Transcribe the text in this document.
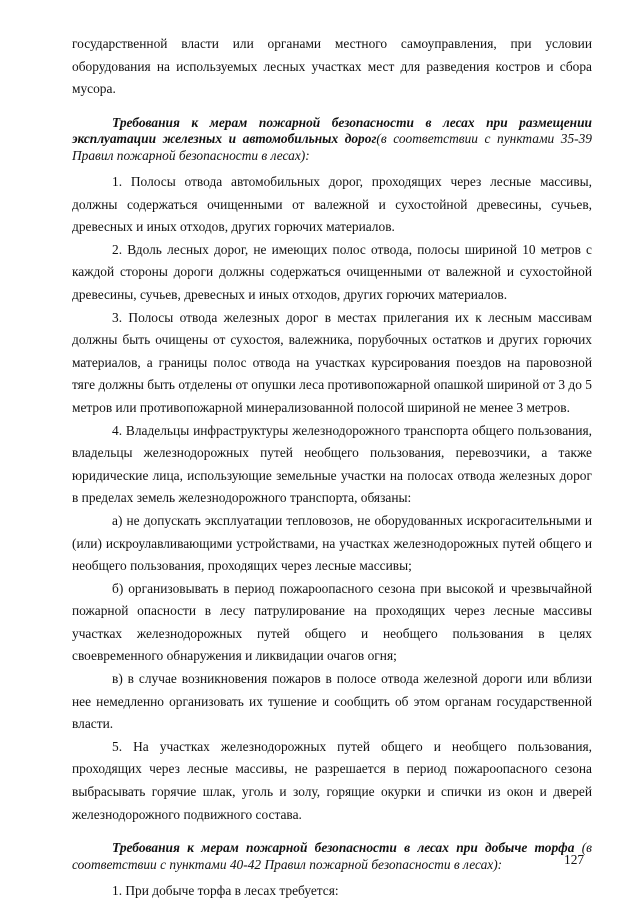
государственной власти или органами местного самоуправления, при условии оборудования на используемых лесных участках мест для разведения костров и сбора мусора.

Требования к мерам пожарной безопасности в лесах при размещении эксплуатации железных и автомобильных дорог(в соответствии с пунктами 35-39 Правил пожарной безопасности в лесах):

1. Полосы отвода автомобильных дорог, проходящих через лесные массивы, должны содержаться очищенными от валежной и сухостойной древесины, сучьев, древесных и иных отходов, других горючих материалов.

2. Вдоль лесных дорог, не имеющих полос отвода, полосы шириной 10 метров с каждой стороны дороги должны содержаться очищенными от валежной и сухостойной древесины, сучьев, древесных и иных отходов, других горючих материалов.

3. Полосы отвода железных дорог в местах прилегания их к лесным массивам должны быть очищены от сухостоя, валежника, порубочных остатков и других горючих материалов, а границы полос отвода на участках курсирования поездов на паровозной тяге должны быть отделены от опушки леса противопожарной опашкой шириной от 3 до 5 метров или противопожарной минерализованной полосой шириной не менее 3 метров.

4. Владельцы инфраструктуры железнодорожного транспорта общего пользования, владельцы железнодорожных путей необщего пользования, перевозчики, а также юридические лица, использующие земельные участки на полосах отвода железных дорог в пределах земель железнодорожного транспорта, обязаны:

а) не допускать эксплуатации тепловозов, не оборудованных искрогасительными и (или) искроулавливающими устройствами, на участках железнодорожных путей общего и необщего пользования, проходящих через лесные массивы;

б) организовывать в период пожароопасного сезона при высокой и чрезвычайной пожарной опасности в лесу патрулирование на проходящих через лесные массивы участках железнодорожных путей общего и необщего пользования в целях своевременного обнаружения и ликвидации очагов огня;

в) в случае возникновения пожаров в полосе отвода железной дороги или вблизи нее немедленно организовать их тушение и сообщить об этом органам государственной власти.

5. На участках железнодорожных путей общего и необщего пользования, проходящих через лесные массивы, не разрешается в период пожароопасного сезона выбрасывать горячие шлак, уголь и золу, горящие окурки и спички из окон и дверей железнодорожного подвижного состава.

Требования к мерам пожарной безопасности в лесах при добыче торфа (в соответствии с пунктами 40-42 Правил пожарной безопасности в лесах):

1. При добыче торфа в лесах требуется:

127
